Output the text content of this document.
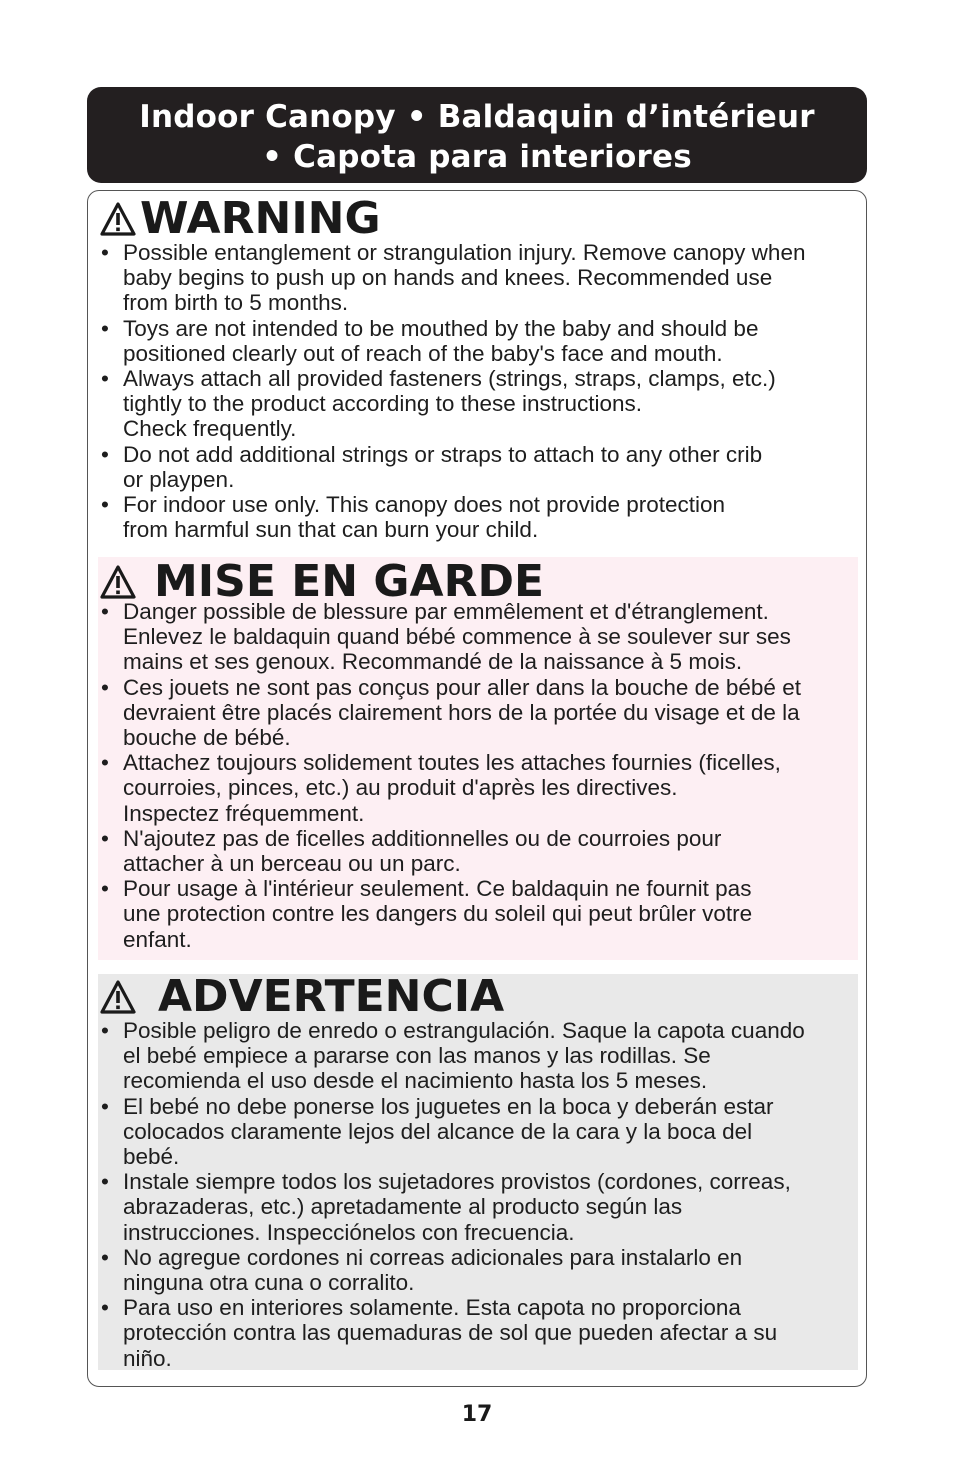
Indoor Canopy • Baldaquin d’intérieur
• Capota para interiores
WARNING
• Possible entanglement or strangulation injury. Remove canopy when
baby begins to push up on hands and knees. Recommended use
from birth to 5 months.
• Toys are not intended to be mouthed by the baby and should be
positioned clearly out of reach of the baby's face and mouth.
• Always attach all provided fasteners (strings, straps, clamps, etc.)
tightly to the product according to these instructions.
Check frequently.
• Do not add additional strings or straps to attach to any other crib
or playpen.
• For indoor use only. This canopy does not provide protection
from harmful sun that can burn your child.
MISE EN GARDE
• Danger possible de blessure par emmêlement et d'étranglement.
Enlevez le baldaquin quand bébé commence à se soulever sur ses
mains et ses genoux. Recommandé de la naissance à 5 mois.
• Ces jouets ne sont pas conçus pour aller dans la bouche de bébé et
devraient être placés clairement hors de la portée du visage et de la
bouche de bébé.
• Attachez toujours solidement toutes les attaches fournies (ficelles,
courroies, pinces, etc.) au produit d'après les directives.
Inspectez fréquemment.
• N'ajoutez pas de ficelles additionnelles ou de courroies pour
attacher à un berceau ou un parc.
• Pour usage à l'intérieur seulement. Ce baldaquin ne fournit pas
une protection contre les dangers du soleil qui peut brûler votre
enfant.
ADVERTENCIA
• Posible peligro de enredo o estrangulación. Saque la capota cuando
el bebé empiece a pararse con las manos y las rodillas. Se
recomienda el uso desde el nacimiento hasta los 5 meses.
• El bebé no debe ponerse los juguetes en la boca y deberán estar
colocados claramente lejos del alcance de la cara y la boca del
bebé.
• Instale siempre todos los sujetadores provistos (cordones, correas,
abrazaderas, etc.) apretadamente al producto según las
instrucciones. Inspecciónelos con frecuencia.
• No agregue cordones ni correas adicionales para instalarlo en
ninguna otra cuna o corralito.
• Para uso en interiores solamente. Esta capota no proporciona
protección contra las quemaduras de sol que pueden afectar a su
niño.
17
